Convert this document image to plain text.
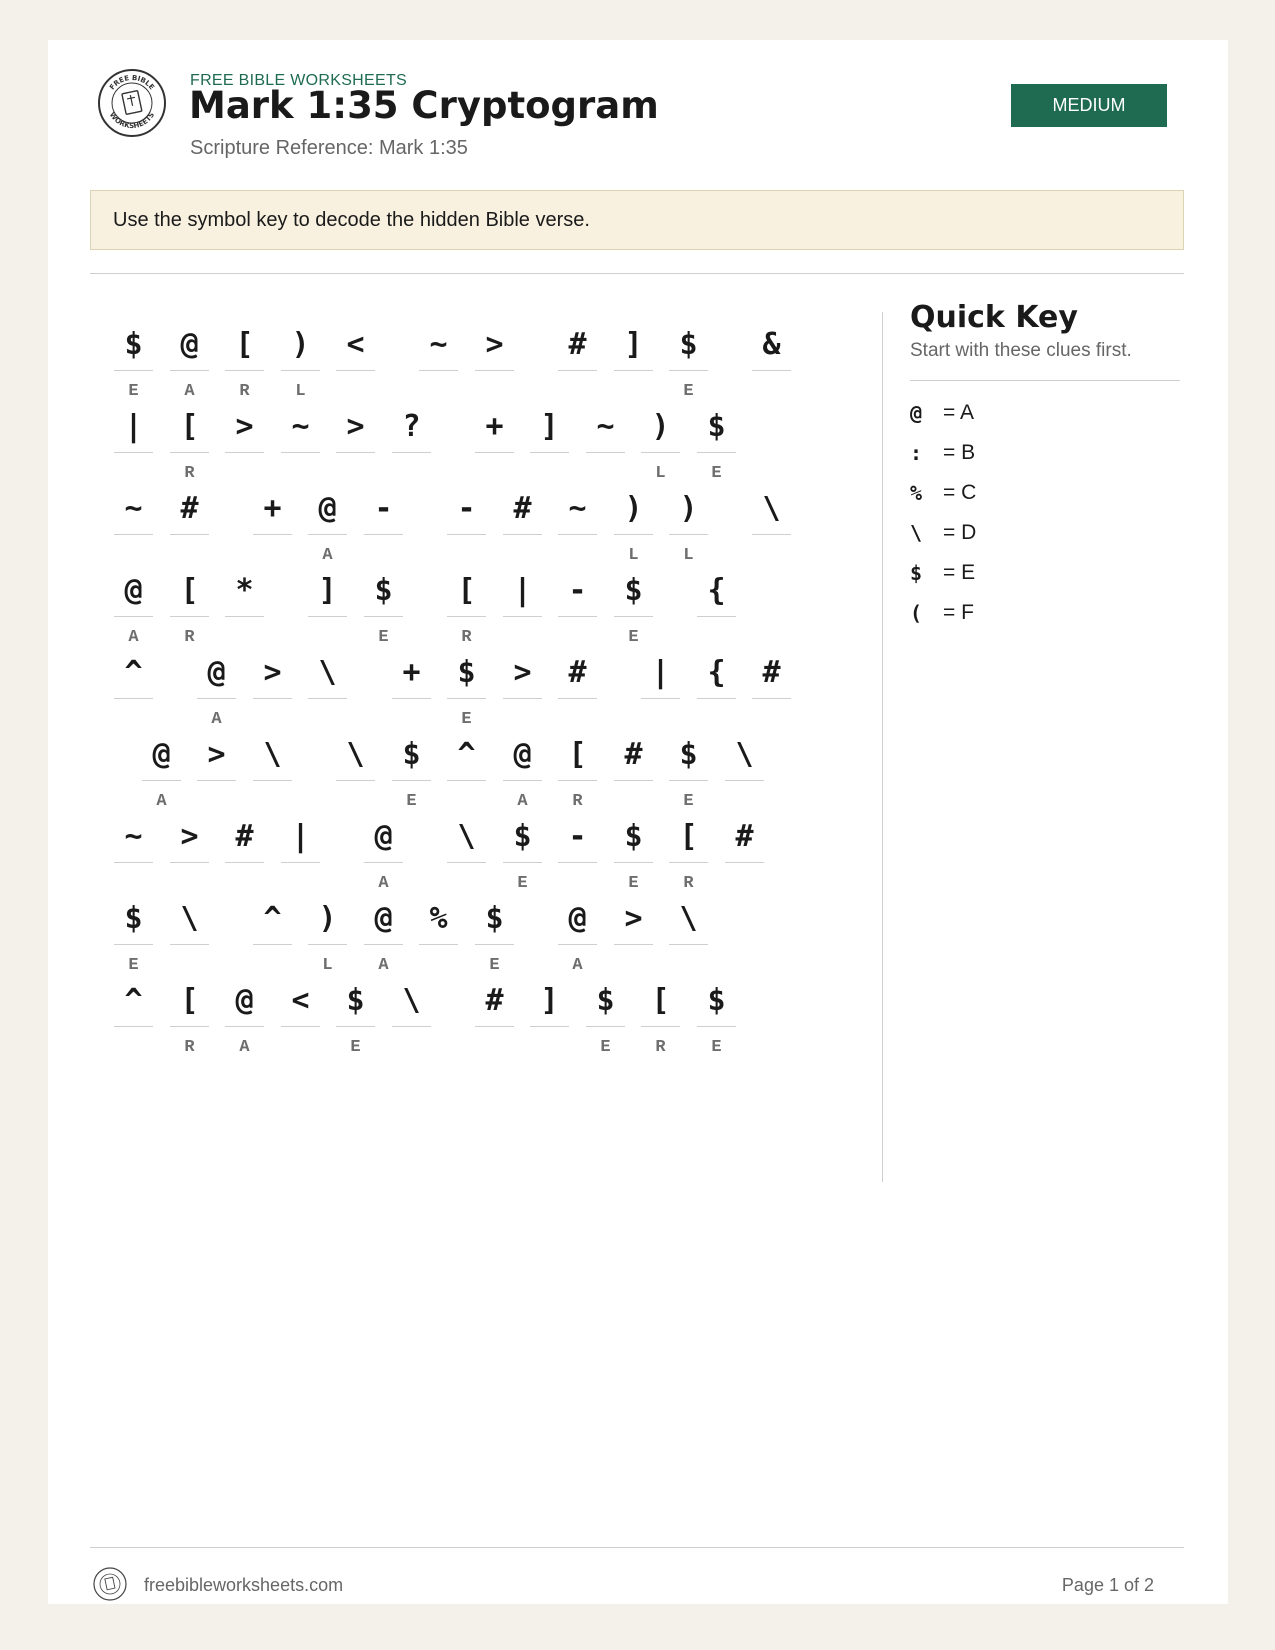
FREE BIBLE
WORKSHEETS
FREE BIBLE WORKSHEETS
Mark 1:35 Cryptogram
Scripture Reference: Mark 1:35
MEDIUM
Use the symbol key to decode the hidden Bible verse.
$
E
@
A
[
R
)
L
<	~	>	#	]	$
E
&
|	[
R
>	~	>	?	+	]	~	)
L
$
E
~	#	+	@
A
-	-	#	~	)
L
)
L
\
@
A
[
R
*	]	$
E
[
R
|	-	$
E
{
^	@
A
>	\	+	$
E
>	#	|	{	#
@
A
>	\	\	$
E
^	@
A
[
R
#	$
E
\
~	>	#	|	@
A
\	$
E
-	$
E
[
R
#
$
E
\	^	)
L
@
A
%	$
E
@
A
>	\
^	[
R
@
A
<	$
E
\	#	]	$
E
[
R
$
E
Quick Key
Start with these clues first.
@ = A
: = B
% = C
\ = D
$ = E
( = F
freebibleworksheets.com	Page 1 of 2
